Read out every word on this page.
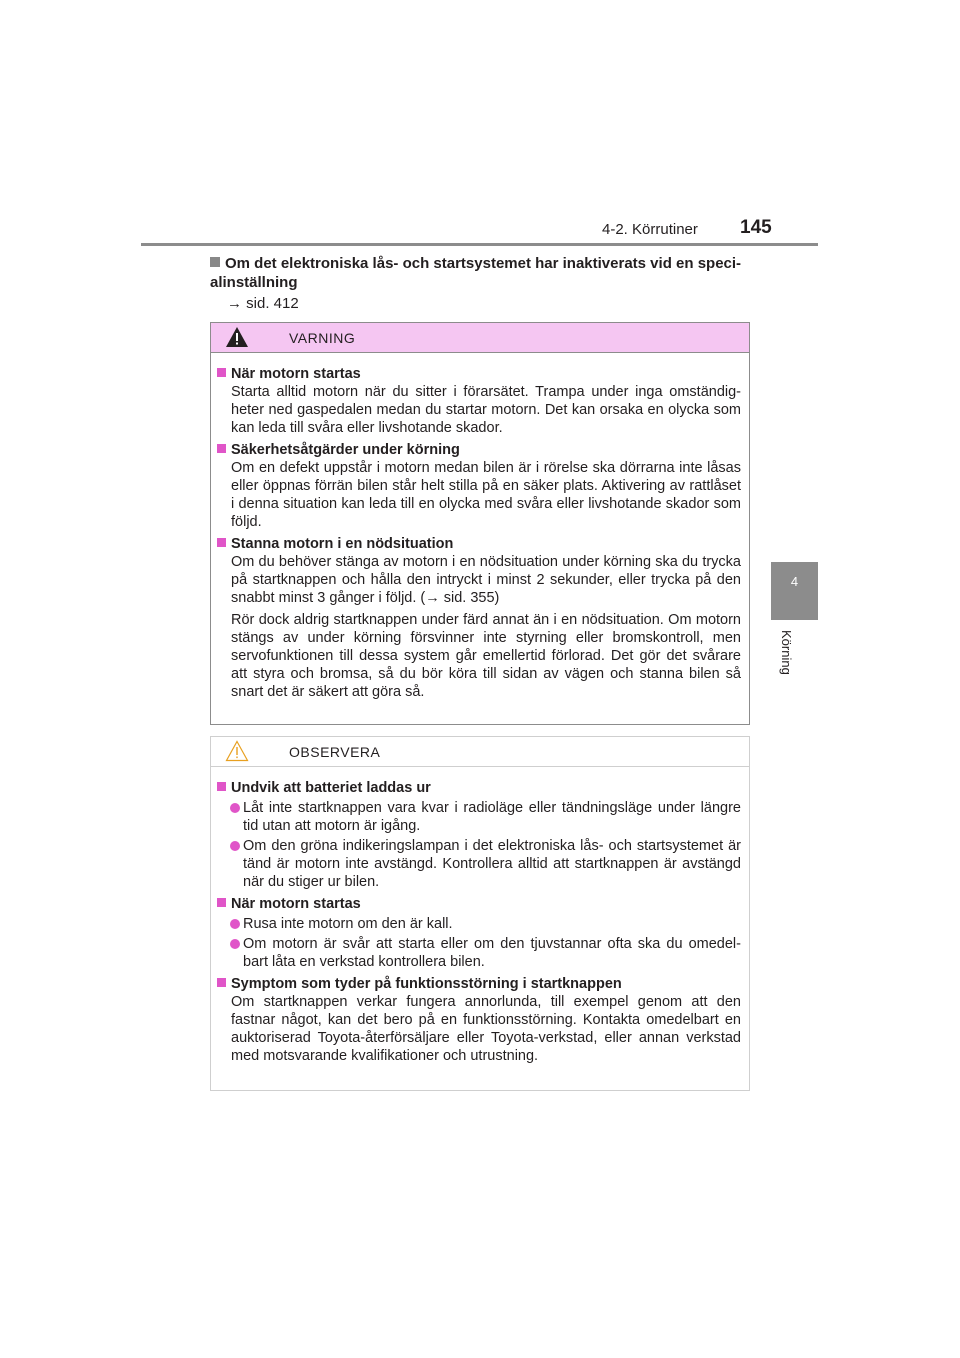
4-2. Körrutiner 145
4
Körning
Om det elektroniska lås- och startsystemet har inaktiverats vid en speci- alinställning
→ sid. 412
VARNING
När motorn startas
Starta alltid motorn när du sitter i förarsätet. Trampa under inga omständig- heter ned gaspedalen medan du startar motorn. Det kan orsaka en olycka som kan leda till svåra eller livshotande skador.
Säkerhetsåtgärder under körning
Om en defekt uppstår i motorn medan bilen är i rörelse ska dörrarna inte låsas eller öppnas förrän bilen står helt stilla på en säker plats. Aktivering av rattlåset i denna situation kan leda till en olycka med svåra eller livshotande skador som följd.
Stanna motorn i en nödsituation
Om du behöver stänga av motorn i en nödsituation under körning ska du trycka på startknappen och hålla den intryckt i minst 2 sekunder, eller trycka på den snabbt minst 3 gånger i följd. (→ sid. 355)
Rör dock aldrig startknappen under färd annat än i en nödsituation. Om motorn stängs av under körning försvinner inte styrning eller bromskontroll, men servofunktionen till dessa system går emellertid förlorad. Det gör det svårare att styra och bromsa, så du bör köra till sidan av vägen och stanna bilen så snart det är säkert att göra så.
OBSERVERA
Undvik att batteriet laddas ur
Låt inte startknappen vara kvar i radioläge eller tändningsläge under längre tid utan att motorn är igång.
Om den gröna indikeringslampan i det elektroniska lås- och startsystemet är tänd är motorn inte avstängd. Kontrollera alltid att startknappen är avstängd när du stiger ur bilen.
När motorn startas
Rusa inte motorn om den är kall.
Om motorn är svår att starta eller om den tjuvstannar ofta ska du omedel- bart låta en verkstad kontrollera bilen.
Symptom som tyder på funktionsstörning i startknappen
Om startknappen verkar fungera annorlunda, till exempel genom att den fastnar något, kan det bero på en funktionsstörning. Kontakta omedelbart en auktoriserad Toyota-återförsäljare eller Toyota-verkstad, eller annan verkstad med motsvarande kvalifikationer och utrustning.
